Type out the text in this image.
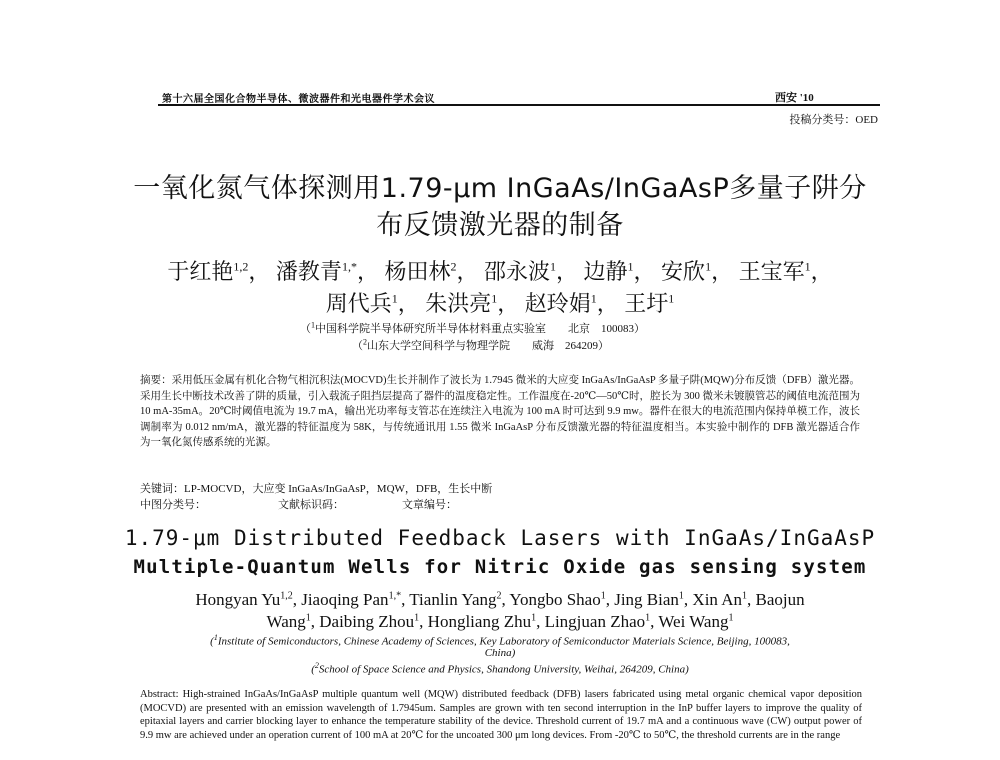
第十六届全国化合物半导体、微波器件和光电器件学术会议	西安 '10
投稿分类号：OED
一氧化氮气体探测用1.79-μm InGaAs/InGaAsP多量子阱分
布反馈激光器的制备
于红艳$^{1,2}$， 潘教青$^{1,*}$， 杨田林$^2$， 邵永波$^1$， 边静$^1$， 安欣$^1$， 王宝军$^1$，
周代兵$^1$， 朱洪亮$^1$， 赵玲娟$^1$， 王圩$^1$
（$^1$中国科学院半导体研究所半导体材料重点实验室　　北京　100083）
（$^2$山东大学空间科学与物理学院　　威海　264209）
摘要：采用低压金属有机化合物气相沉积法(MOCVD)生长并制作了波长为 1.7945 微米的大应变 InGaAs/InGaAsP 多量子阱(MQW)分布反馈（DFB）激光器。采用生长中断技术改善了阱的质量，引入载流子阻挡层提高了器件的温度稳定性。工作温度在-20℃—50℃时，腔长为 300 微米未镀膜管芯的阈值电流范围为 10 mA-35mA。20℃时阈值电流为 19.7 mA，输出光功率每支管芯在连续注入电流为 100 mA 时可达到 9.9 mw。器件在很大的电流范围内保持单模工作，波长调制率为 0.012 nm/mA，激光器的特征温度为 58K，与传统通讯用 1.55 微米 InGaAsP 分布反馈激光器的特征温度相当。本实验中制作的 DFB 激光器适合作为一氧化氮传感系统的光源。
关键词：LP-MOCVD，大应变 InGaAs/InGaAsP，MQW，DFB，生长中断
中图分类号：	文献标识码：	文章编号：
1.79-μm Distributed Feedback Lasers with InGaAs/InGaAsP
Multiple-Quantum Wells for Nitric Oxide gas sensing system
Hongyan Yu$^{1,2}$, Jiaoqing Pan$^{1,*}$, Tianlin Yang$^2$, Yongbo Shao$^1$, Jing Bian$^1$, Xin An$^1$, Baojun
Wang$^1$, Daibing Zhou$^1$, Hongliang Zhu$^1$, Lingjuan Zhao$^1$, Wei Wang$^1$
($^1$Institute of Semiconductors, Chinese Academy of Sciences, Key Laboratory of Semiconductor Materials Science, Beijing, 100083,
China)
($^2$School of Space Science and Physics, Shandong University, Weihai, 264209, China)
Abstract: High-strained InGaAs/InGaAsP multiple quantum well (MQW) distributed feedback (DFB) lasers fabricated using metal organic chemical vapor deposition (MOCVD) are presented with an emission wavelength of 1.7945um. Samples are grown with ten second interruption in the InP buffer layers to improve the quality of epitaxial layers and carrier blocking layer to enhance the temperature stability of the device. Threshold current of 19.7 mA and a continuous wave (CW) output power of 9.9 mw are achieved under an operation current of 100 mA at 20℃ for the uncoated 300 μm long devices. From -20℃ to 50℃, the threshold currents are in the range
